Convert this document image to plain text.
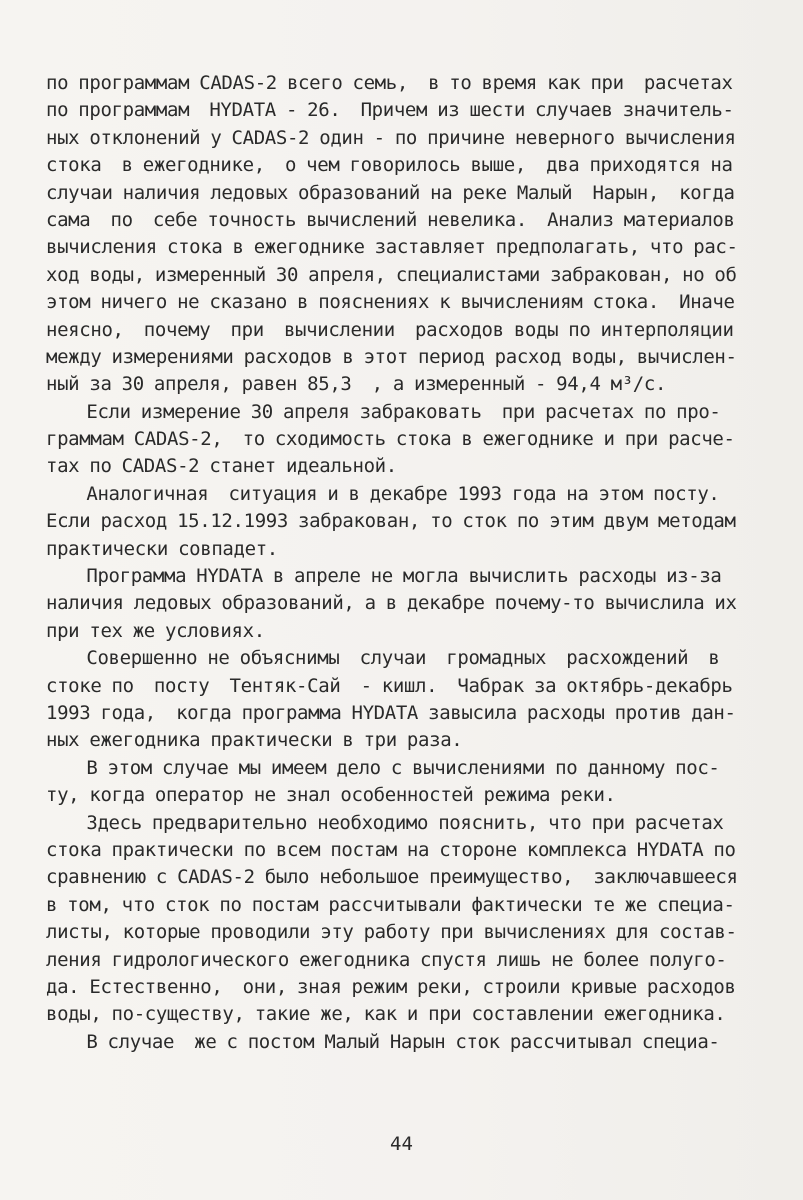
по программам CADAS-2 всего семь,  в то время как при  расчетах
по программам  HYDATA - 26.  Причем из шести случаев значитель-
ных отклонений у CADAS-2 один - по причине неверного вычисления
стока  в ежегоднике,  о чем говорилось выше,  два приходятся на
случаи наличия ледовых образований на реке Малый  Нарын,  когда
сама  по  себе точность вычислений невелика.  Анализ материалов
вычисления стока в ежегоднике заставляет предполагать, что рас-
ход воды, измеренный 30 апреля, специалистами забракован, но об
этом ничего не сказано в пояснениях к вычислениям стока.  Иначе
неясно,  почему  при  вычислении  расходов воды по интерполяции
между измерениями расходов в этот период расход воды, вычислен-
ный за 30 апреля, равен 85,3  , а измеренный - 94,4 м³/с.
Если измерение 30 апреля забраковать  при расчетах по про-
граммам CADAS-2,  то сходимость стока в ежегоднике и при расче-
тах по CADAS-2 станет идеальной.
Аналогичная  ситуация и в декабре 1993 года на этом посту.
Если расход 15.12.1993 забракован, то сток по этим двум методам
практически совпадет.
Программа HYDATA в апреле не могла вычислить расходы из-за
наличия ледовых образований, а в декабре почему-то вычислила их
при тех же условиях.
Совершенно не объяснимы  случаи  громадных  расхождений  в
стоке по  посту  Тентяк-Сай  - кишл.  Чабрак за октябрь-декабрь
1993 года,  когда программа HYDATA завысила расходы против дан-
ных ежегодника практически в три раза.
В этом случае мы имеем дело с вычислениями по данному пос-
ту, когда оператор не знал особенностей режима реки.
Здесь предварительно необходимо пояснить, что при расчетах
стока практически по всем постам на стороне комплекса HYDATA по
сравнению с CADAS-2 было небольшое преимущество,  заключавшееся
в том, что сток по постам рассчитывали фактически те же специа-
листы, которые проводили эту работу при вычислениях для состав-
ления гидрологического ежегодника спустя лишь не более полуго-
да. Естественно,  они, зная режим реки, строили кривые расходов
воды, по-существу, такие же, как и при составлении ежегодника.
В случае  же с постом Малый Нарын сток рассчитывал специа-
44
